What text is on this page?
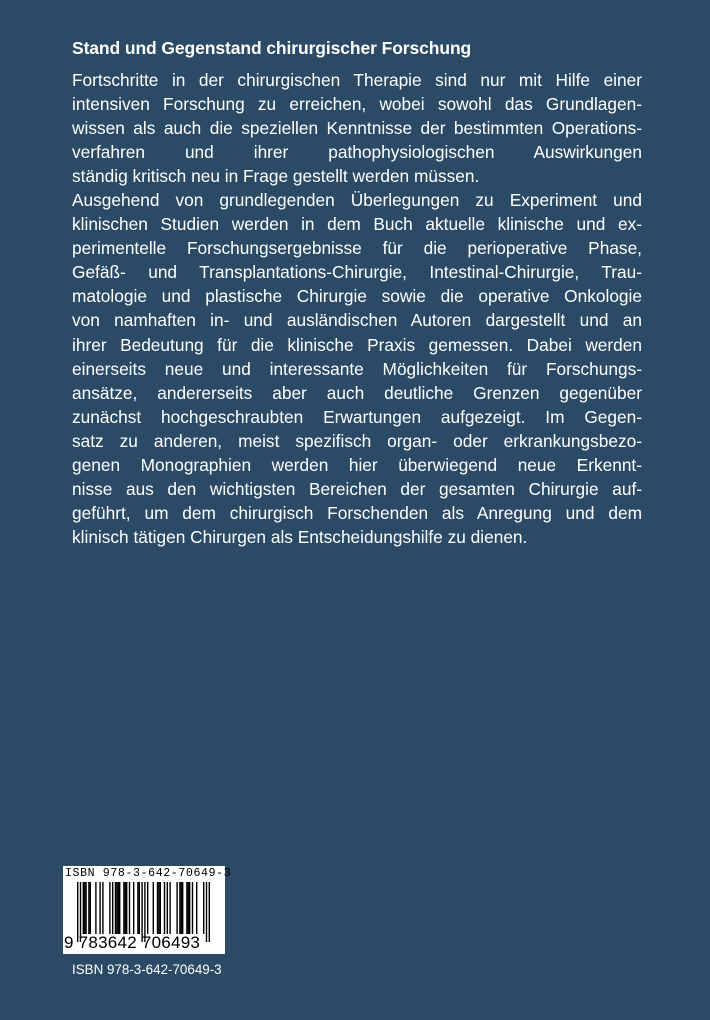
Stand und Gegenstand chirurgischer Forschung
Fortschritte in der chirurgischen Therapie sind nur mit Hilfe einer
intensiven Forschung zu erreichen, wobei sowohl das Grundlagen-
wissen als auch die speziellen Kenntnisse der bestimmten Operations-
verfahren und ihrer pathophysiologischen Auswirkungen
ständig kritisch neu in Frage gestellt werden müssen.
Ausgehend von grundlegenden Überlegungen zu Experiment und
klinischen Studien werden in dem Buch aktuelle klinische und ex-
perimentelle Forschungsergebnisse für die perioperative Phase,
Gefäß- und Transplantations-Chirurgie, Intestinal-Chirurgie, Trau-
matologie und plastische Chirurgie sowie die operative Onkologie
von namhaften in- und ausländischen Autoren dargestellt und an
ihrer Bedeutung für die klinische Praxis gemessen. Dabei werden
einerseits neue und interessante Möglichkeiten für Forschungs-
ansätze, andererseits aber auch deutliche Grenzen gegenüber
zunächst hochgeschraubten Erwartungen aufgezeigt. Im Gegen-
satz zu anderen, meist spezifisch organ- oder erkrankungsbezo-
genen Monographien werden hier überwiegend neue Erkennt-
nisse aus den wichtigsten Bereichen der gesamten Chirurgie auf-
geführt, um dem chirurgisch Forschenden als Anregung und dem
klinisch tätigen Chirurgen als Entscheidungshilfe zu dienen.
ISBN 978-3-642-70649-3
9 783642 706493
ISBN 978-3-642-70649-3
